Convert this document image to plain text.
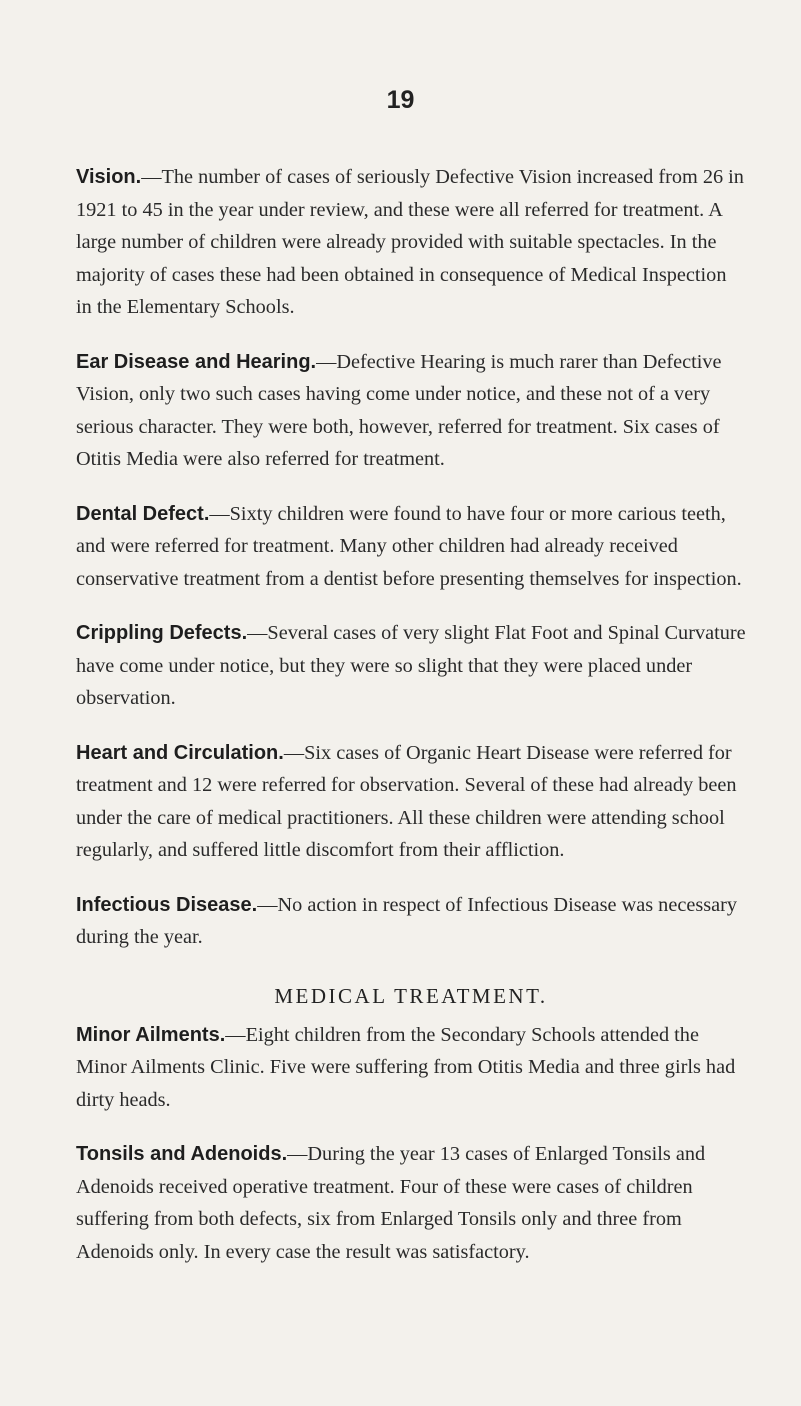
19

Vision.—The number of cases of seriously Defective Vision increased from 26 in 1921 to 45 in the year under review, and these were all referred for treatment. A large number of children were already provided with suitable spectacles. In the majority of cases these had been obtained in consequence of Medical Inspection in the Elementary Schools.

Ear Disease and Hearing.—Defective Hearing is much rarer than Defective Vision, only two such cases having come under notice, and these not of a very serious character. They were both, however, referred for treatment. Six cases of Otitis Media were also referred for treatment.

Dental Defect.—Sixty children were found to have four or more carious teeth, and were referred for treatment. Many other children had already received conservative treatment from a dentist before presenting themselves for inspection.

Crippling Defects.—Several cases of very slight Flat Foot and Spinal Curvature have come under notice, but they were so slight that they were placed under observation.

Heart and Circulation.—Six cases of Organic Heart Disease were referred for treatment and 12 were referred for observation. Several of these had already been under the care of medical practitioners. All these children were attending school regularly, and suffered little discomfort from their affliction.

Infectious Disease.—No action in respect of Infectious Disease was necessary during the year.

MEDICAL TREATMENT.

Minor Ailments.—Eight children from the Secondary Schools attended the Minor Ailments Clinic. Five were suffering from Otitis Media and three girls had dirty heads.

Tonsils and Adenoids.—During the year 13 cases of Enlarged Tonsils and Adenoids received operative treatment. Four of these were cases of children suffering from both defects, six from Enlarged Tonsils only and three from Adenoids only. In every case the result was satisfactory.
